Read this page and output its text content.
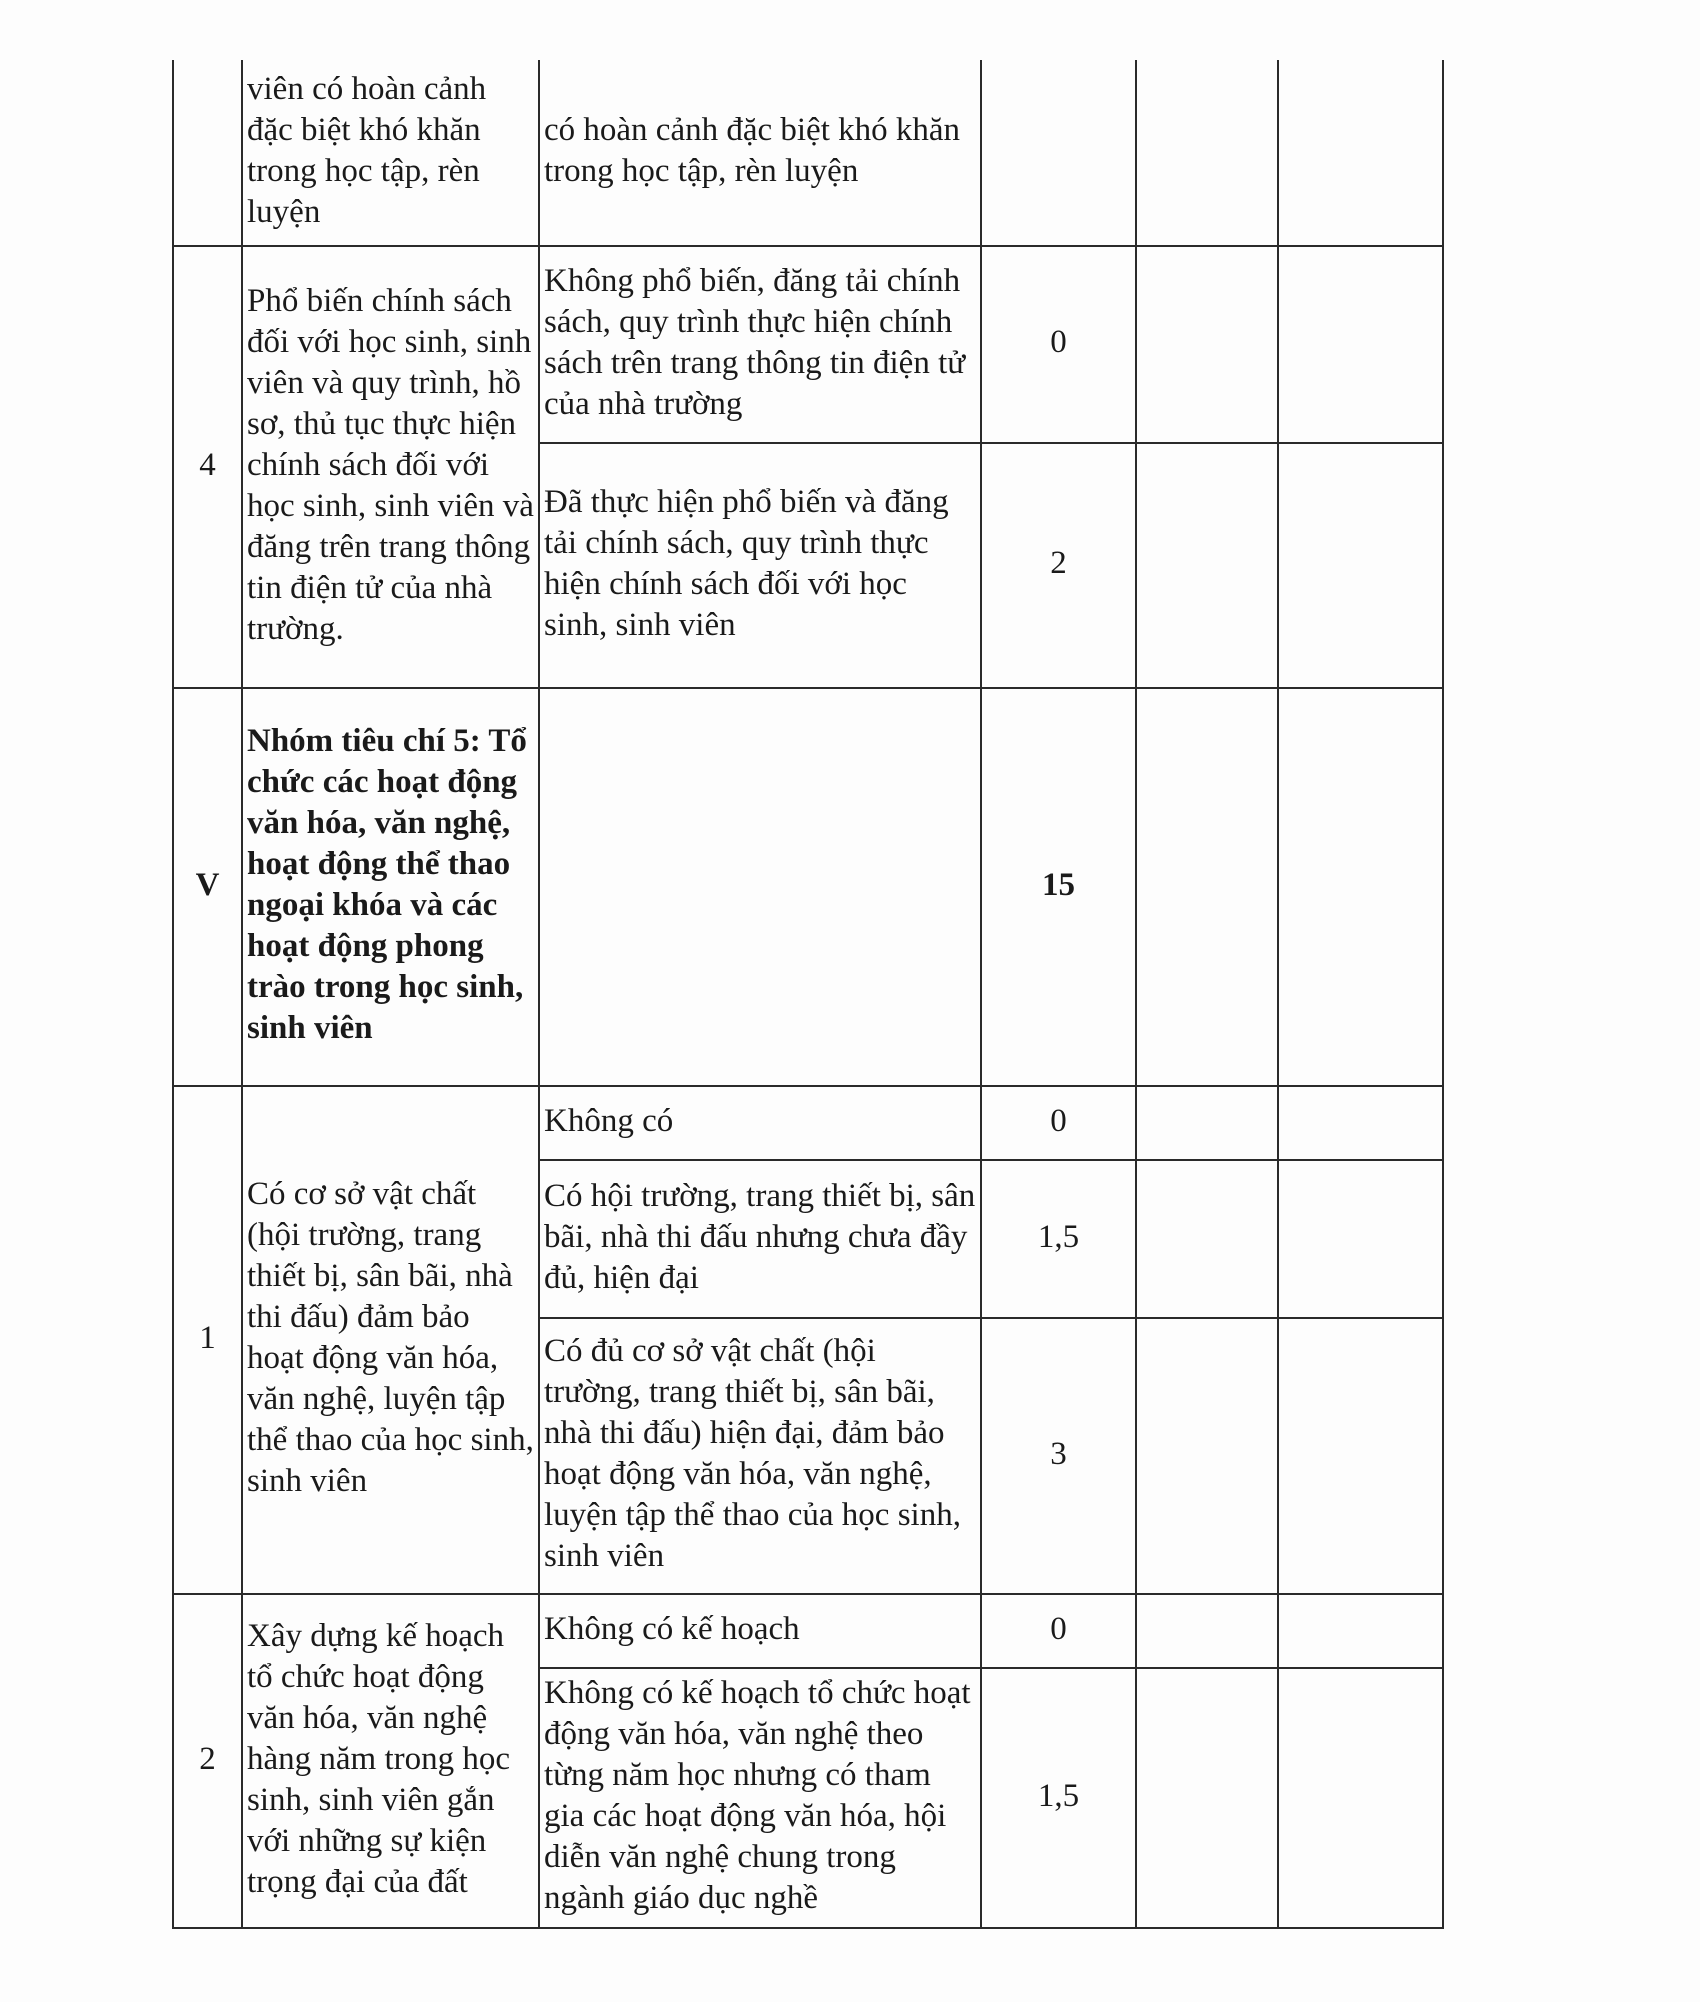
	viên có hoàn cảnh đặc biệt khó khăn trong học tập, rèn luyện	có hoàn cảnh đặc biệt khó khăn trong học tập, rèn luyện			
4	Phổ biến chính sách đối với học sinh, sinh viên và quy trình, hồ sơ, thủ tục thực hiện chính sách đối với học sinh, sinh viên và đăng trên trang thông tin điện tử của nhà trường.	Không phổ biến, đăng tải chính sách, quy trình thực hiện chính sách trên trang thông tin điện tử của nhà trường	0		
		Đã thực hiện phổ biến và đăng tải chính sách, quy trình thực hiện chính sách đối với học sinh, sinh viên	2		
V	Nhóm tiêu chí 5: Tổ chức các hoạt động văn hóa, văn nghệ, hoạt động thể thao ngoại khóa và các hoạt động phong trào trong học sinh, sinh viên		15		
1	Có cơ sở vật chất (hội trường, trang thiết bị, sân bãi, nhà thi đấu) đảm bảo hoạt động văn hóa, văn nghệ, luyện tập thể thao của học sinh, sinh viên	Không có	0		
		Có hội trường, trang thiết bị, sân bãi, nhà thi đấu nhưng chưa đầy đủ, hiện đại	1,5		
		Có đủ cơ sở vật chất (hội trường, trang thiết bị, sân bãi, nhà thi đấu) hiện đại, đảm bảo hoạt động văn hóa, văn nghệ, luyện tập thể thao của học sinh, sinh viên	3		
2	Xây dựng kế hoạch tổ chức hoạt động văn hóa, văn nghệ hàng năm trong học sinh, sinh viên gắn với những sự kiện trọng đại của đất	Không có kế hoạch	0		
		Không có kế hoạch tổ chức hoạt động văn hóa, văn nghệ theo từng năm học nhưng có tham gia các hoạt động văn hóa, hội diễn văn nghệ chung trong ngành giáo dục nghề	1,5		
